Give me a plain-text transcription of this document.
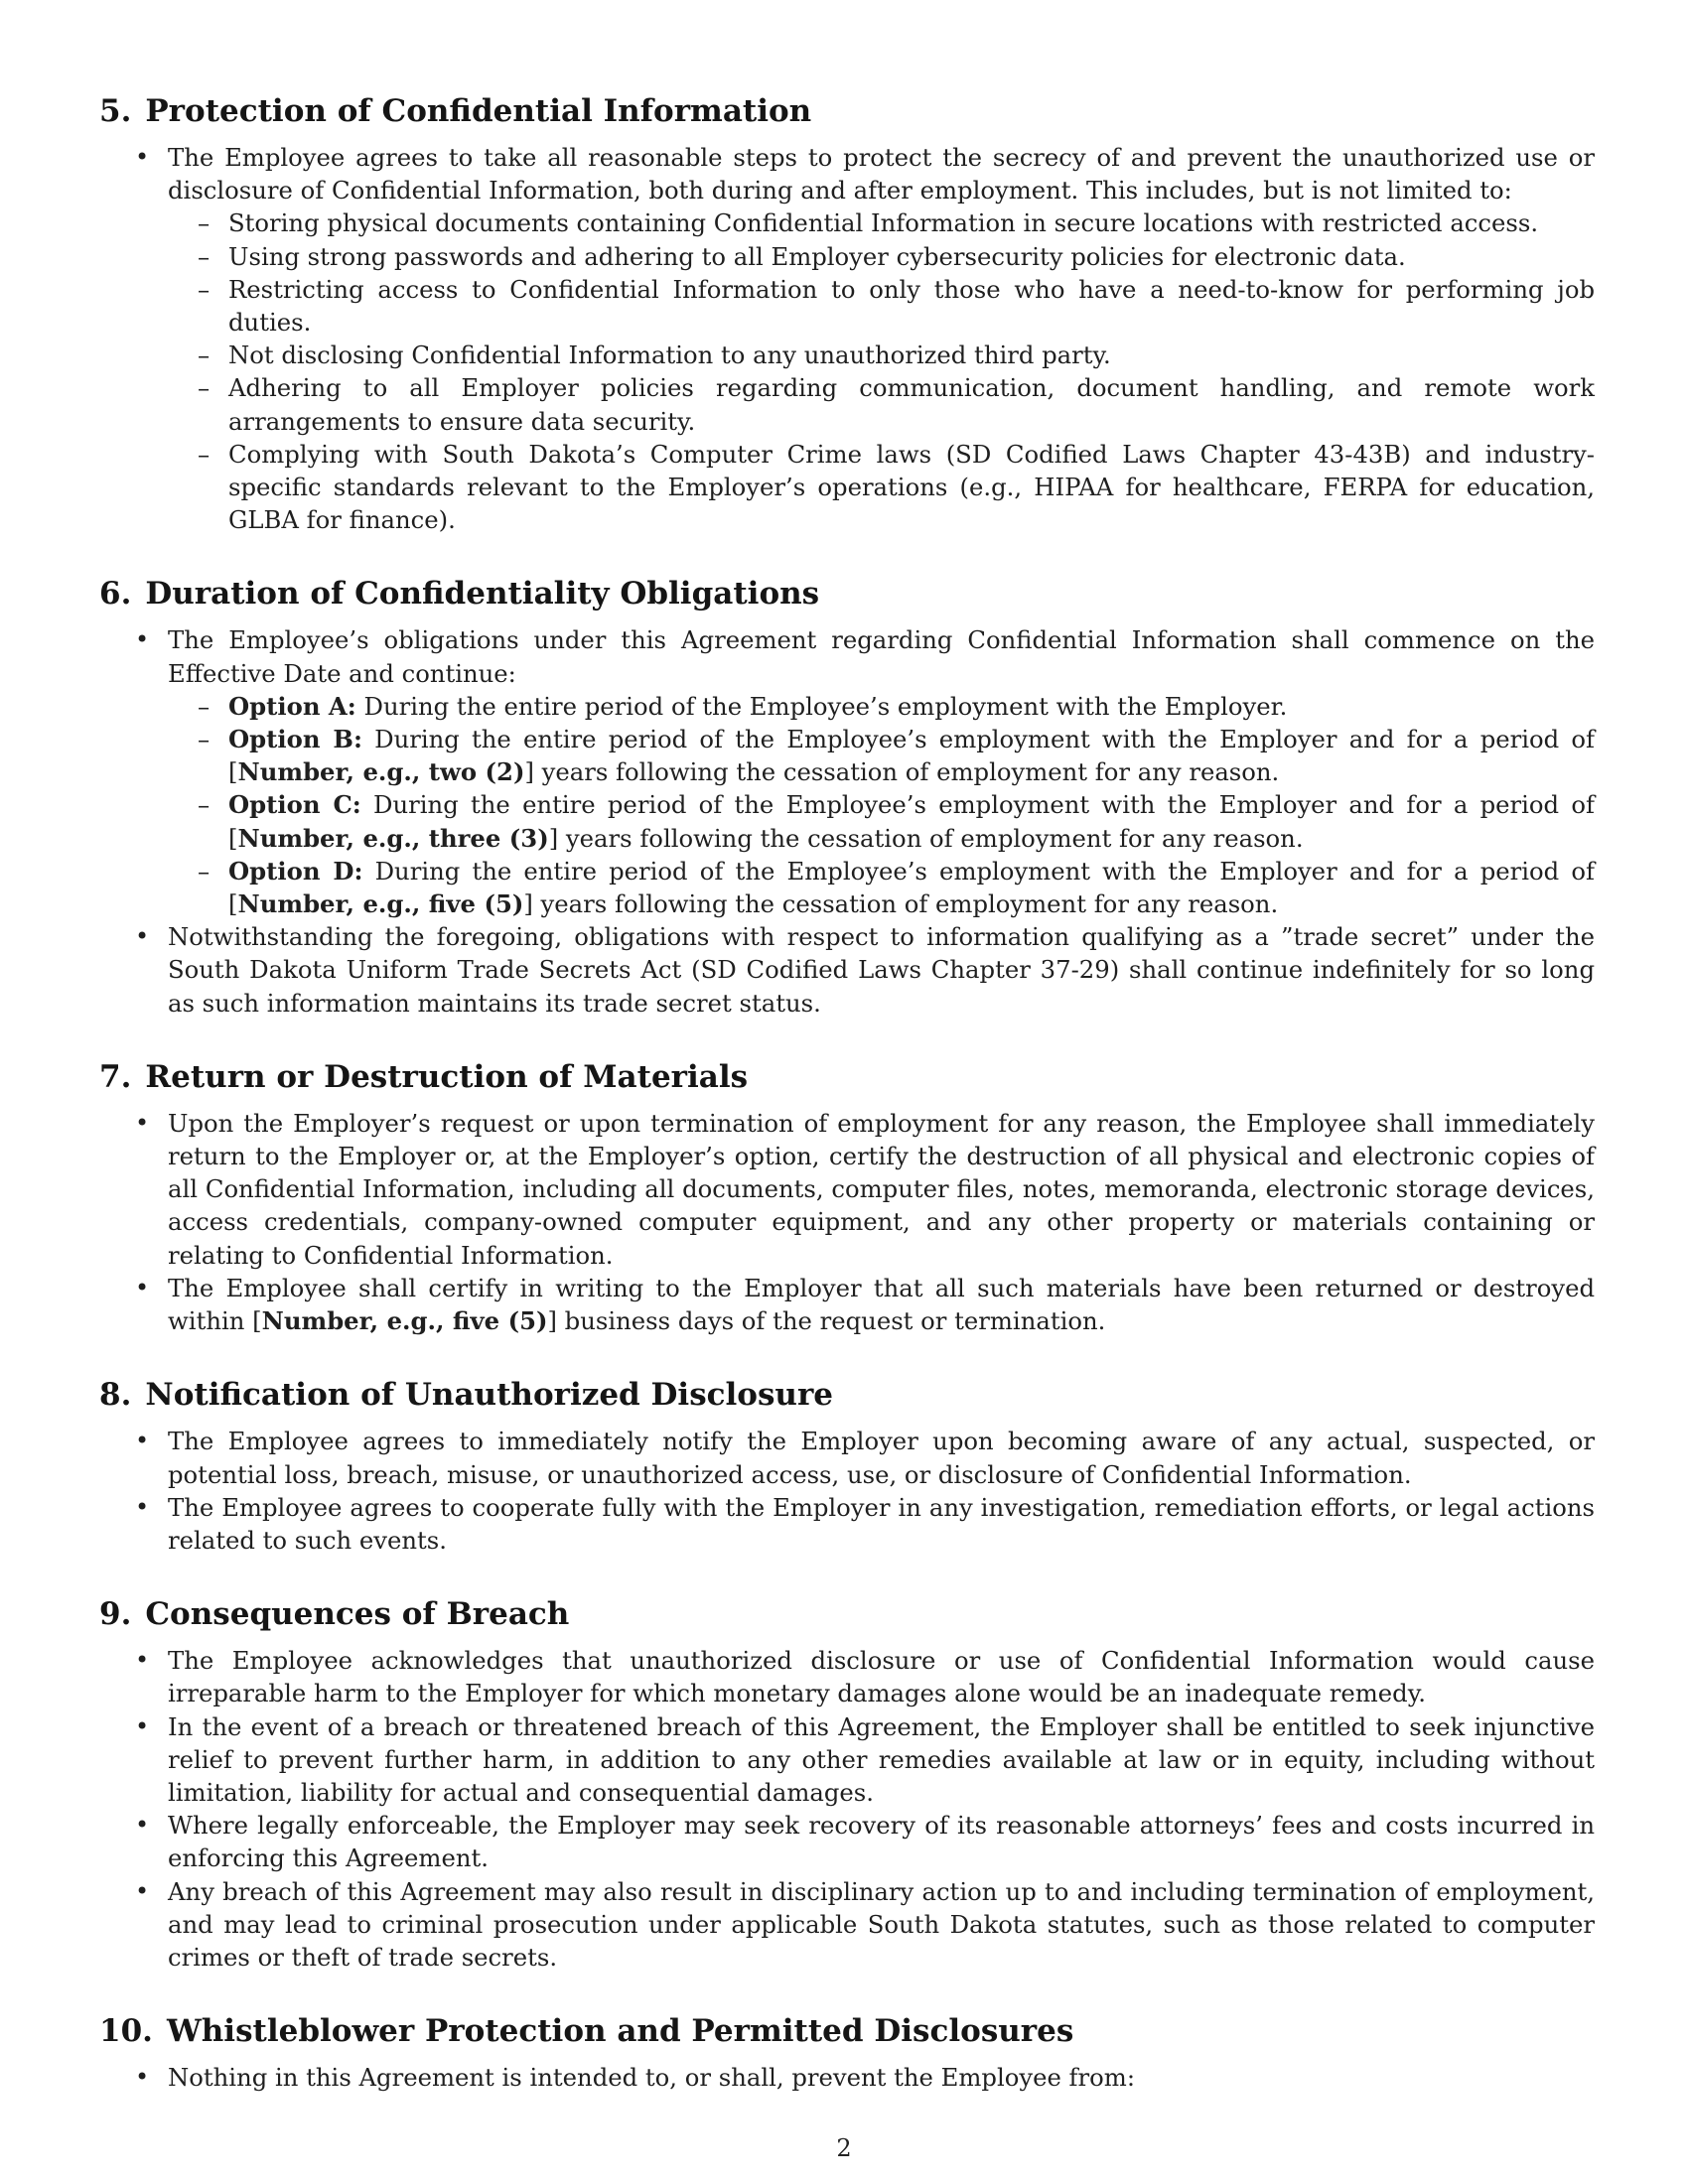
5. Protection of Confidential Information
• The Employee agrees to take all reasonable steps to protect the secrecy of and prevent the unauthorized use or disclosure of Confidential Information, both during and after employment. This includes, but is not limited to:
– Storing physical documents containing Confidential Information in secure locations with restricted access.
– Using strong passwords and adhering to all Employer cybersecurity policies for electronic data.
– Restricting access to Confidential Information to only those who have a need-to-know for performing job duties.
– Not disclosing Confidential Information to any unauthorized third party.
– Adhering to all Employer policies regarding communication, document handling, and remote work arrangements to ensure data security.
– Complying with South Dakota’s Computer Crime laws (SD Codified Laws Chapter 43-43B) and industry-specific standards relevant to the Employer’s operations (e.g., HIPAA for healthcare, FERPA for education, GLBA for finance).
6. Duration of Confidentiality Obligations
• The Employee’s obligations under this Agreement regarding Confidential Information shall commence on the Effective Date and continue:
– Option A: During the entire period of the Employee’s employment with the Employer.
– Option B: During the entire period of the Employee’s employment with the Employer and for a period of [Number, e.g., two (2)] years following the cessation of employment for any reason.
– Option C: During the entire period of the Employee’s employment with the Employer and for a period of [Number, e.g., three (3)] years following the cessation of employment for any reason.
– Option D: During the entire period of the Employee’s employment with the Employer and for a period of [Number, e.g., five (5)] years following the cessation of employment for any reason.
• Notwithstanding the foregoing, obligations with respect to information qualifying as a ”trade secret” under the South Dakota Uniform Trade Secrets Act (SD Codified Laws Chapter 37-29) shall continue indefinitely for so long as such information maintains its trade secret status.
7. Return or Destruction of Materials
• Upon the Employer’s request or upon termination of employment for any reason, the Employee shall immediately return to the Employer or, at the Employer’s option, certify the destruction of all physical and electronic copies of all Confidential Information, including all documents, computer files, notes, memoranda, electronic storage devices, access credentials, company-owned computer equipment, and any other property or materials containing or relating to Confidential Information.
• The Employee shall certify in writing to the Employer that all such materials have been returned or destroyed within [Number, e.g., five (5)] business days of the request or termination.
8. Notification of Unauthorized Disclosure
• The Employee agrees to immediately notify the Employer upon becoming aware of any actual, suspected, or potential loss, breach, misuse, or unauthorized access, use, or disclosure of Confidential Information.
• The Employee agrees to cooperate fully with the Employer in any investigation, remediation efforts, or legal actions related to such events.
9. Consequences of Breach
• The Employee acknowledges that unauthorized disclosure or use of Confidential Information would cause irreparable harm to the Employer for which monetary damages alone would be an inadequate remedy.
• In the event of a breach or threatened breach of this Agreement, the Employer shall be entitled to seek injunctive relief to prevent further harm, in addition to any other remedies available at law or in equity, including without limitation, liability for actual and consequential damages.
• Where legally enforceable, the Employer may seek recovery of its reasonable attorneys’ fees and costs incurred in enforcing this Agreement.
• Any breach of this Agreement may also result in disciplinary action up to and including termination of employment, and may lead to criminal prosecution under applicable South Dakota statutes, such as those related to computer crimes or theft of trade secrets.
10. Whistleblower Protection and Permitted Disclosures
• Nothing in this Agreement is intended to, or shall, prevent the Employee from:
2
